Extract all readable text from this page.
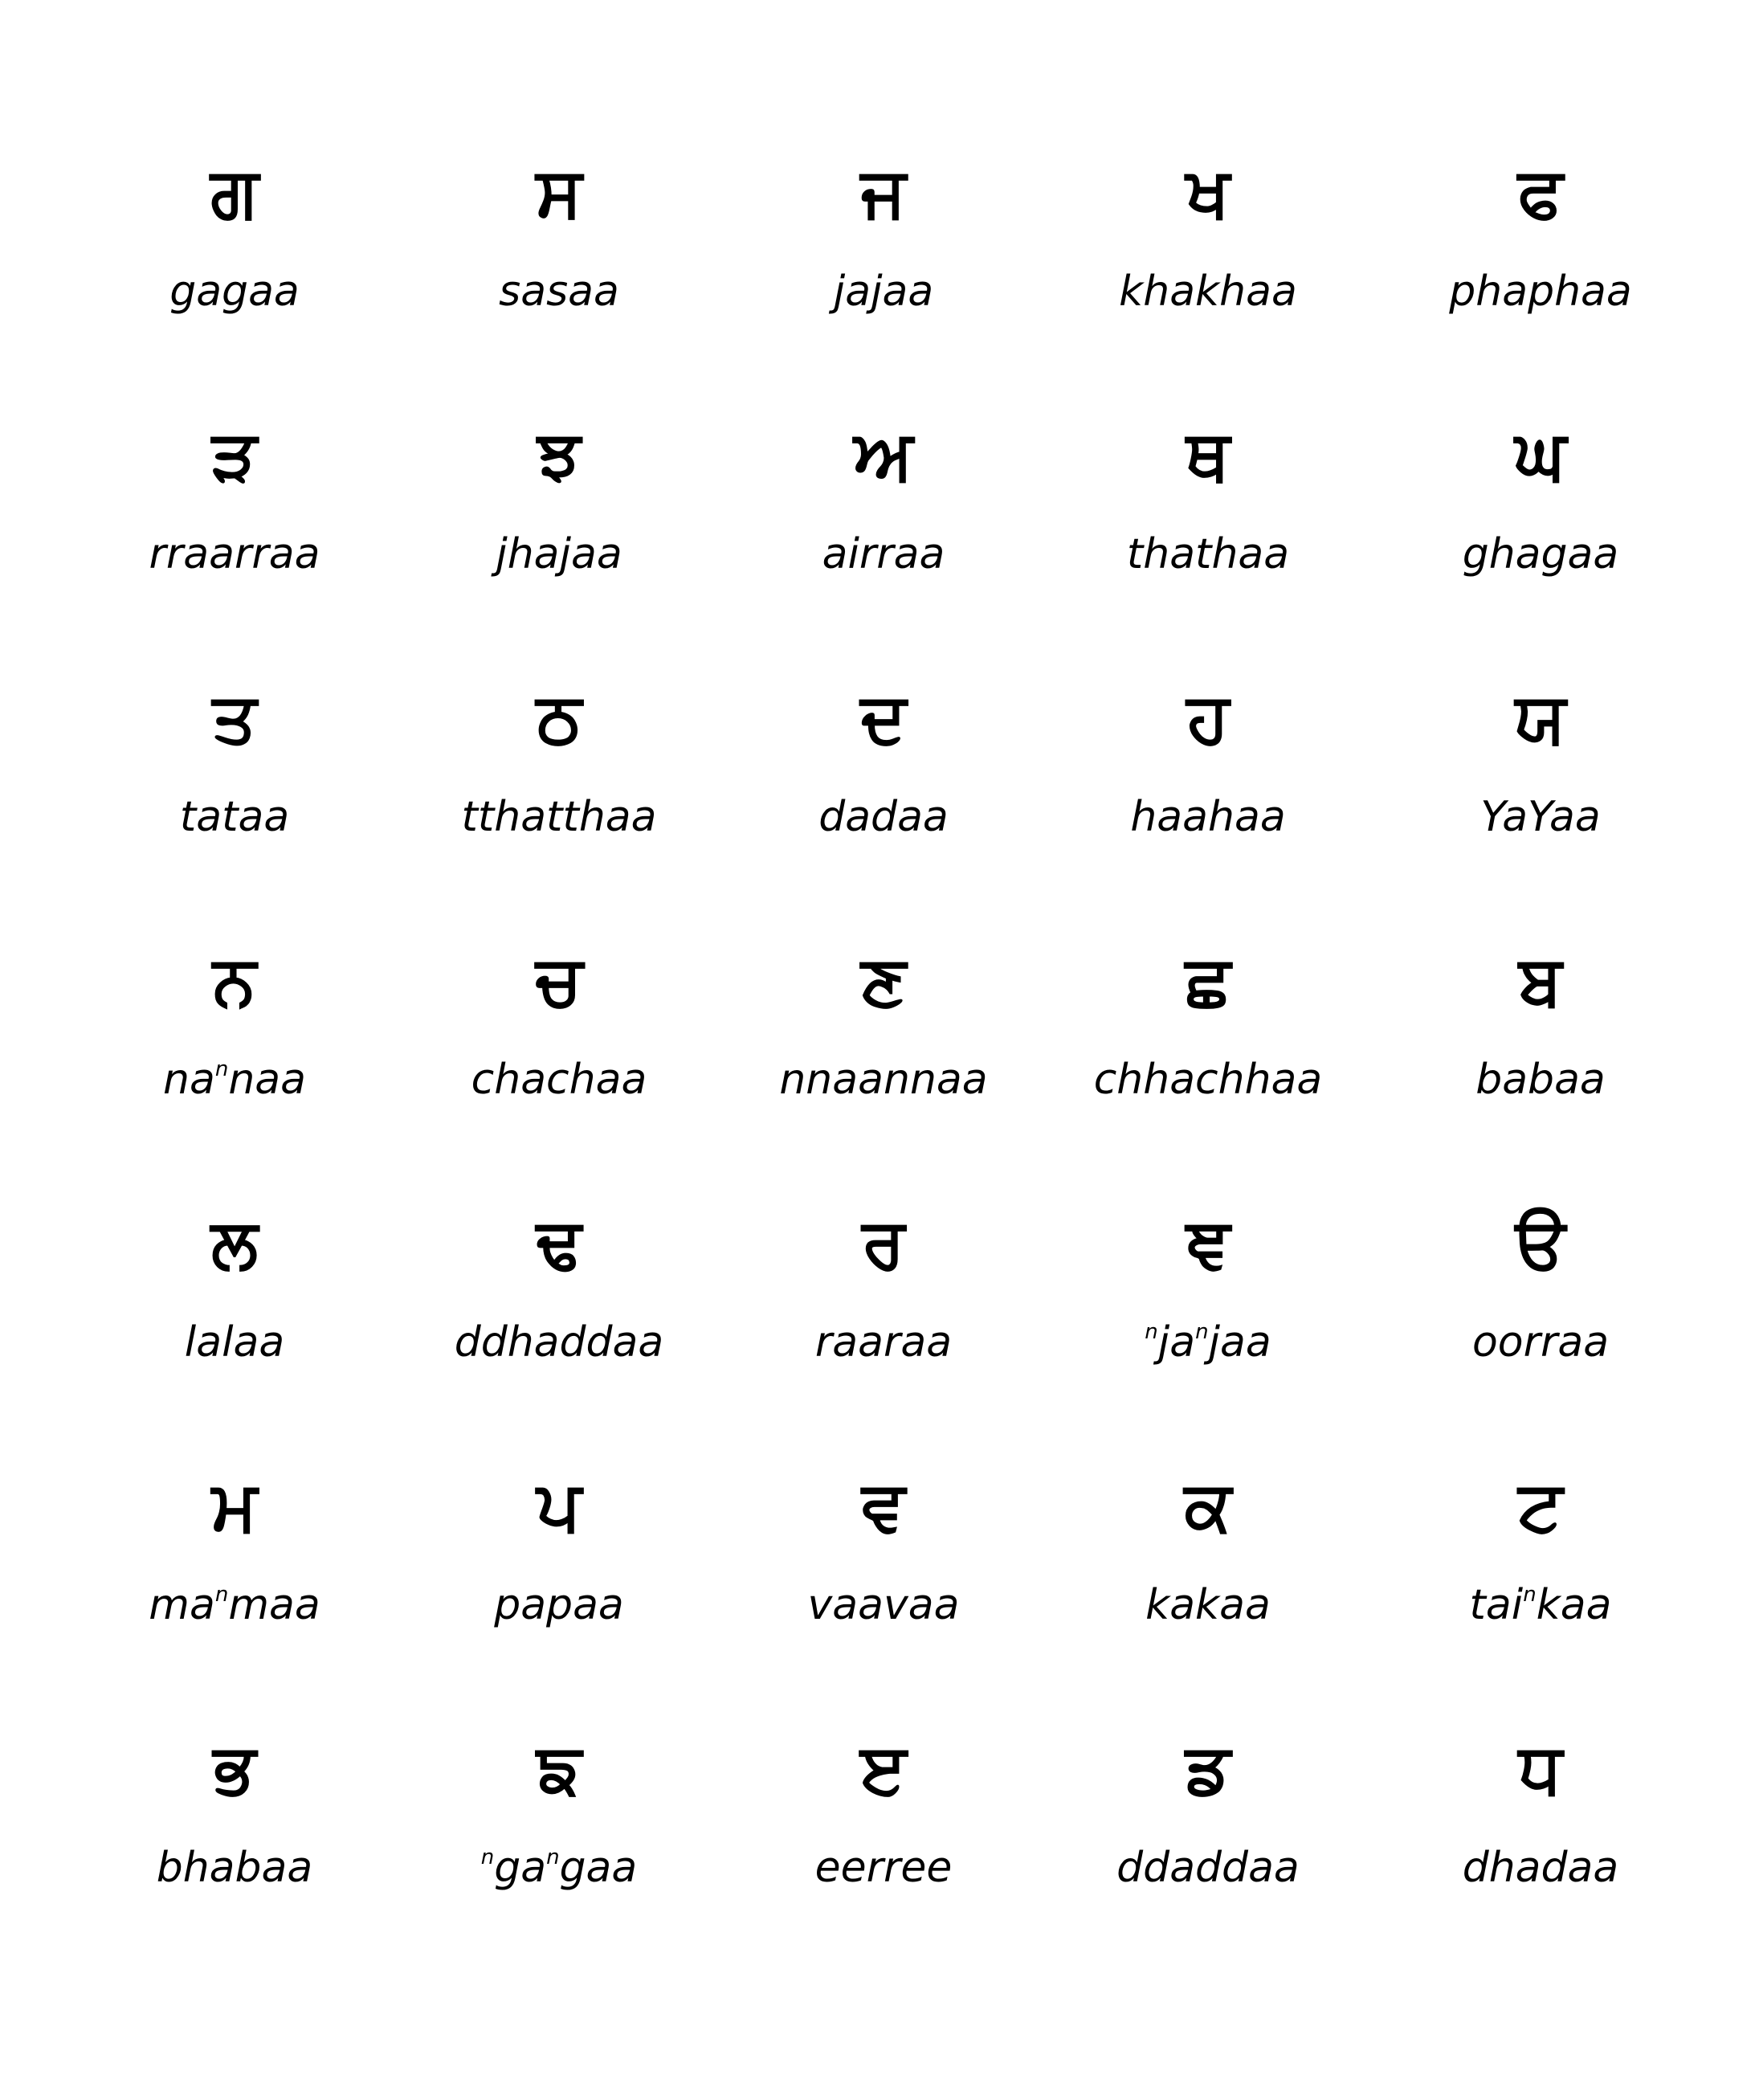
ਗ
gagaa
ਸ
sasaa
ਜ
jajaa
ਖ
khakhaa
ਫ
phaphaa
ੜ
rraarraa
ਝ
jhajaa
ਅ
airraa
ਥ
thathaa
ਘ
ghagaa
ਤ
tataa
ਠ
tthatthaa
ਦ
dadaa
ਹ
haahaa
ਯ
YaYaa
ਨ
$na^nnaa$
ਚ
chachaa
ਣ
nnaannaa
ਛ
chhachhaa
ਬ
babaa
ਲ
lalaa
ਢ
ddhaddaa
ਰ
raaraa
ਞ
$^nja^njaa$
ੳ
oorraa
ਮ
$ma^nmaa$
ਪ
papaa
ਵ
vaavaa
ਕ
kakaa
ਟ
tai$^n$kaa
ਭ
bhabaa
ਙ
$^nga^ngaa$
ੲ
eerree
ਡ
ddaddaa
ਧ
dhadaa
